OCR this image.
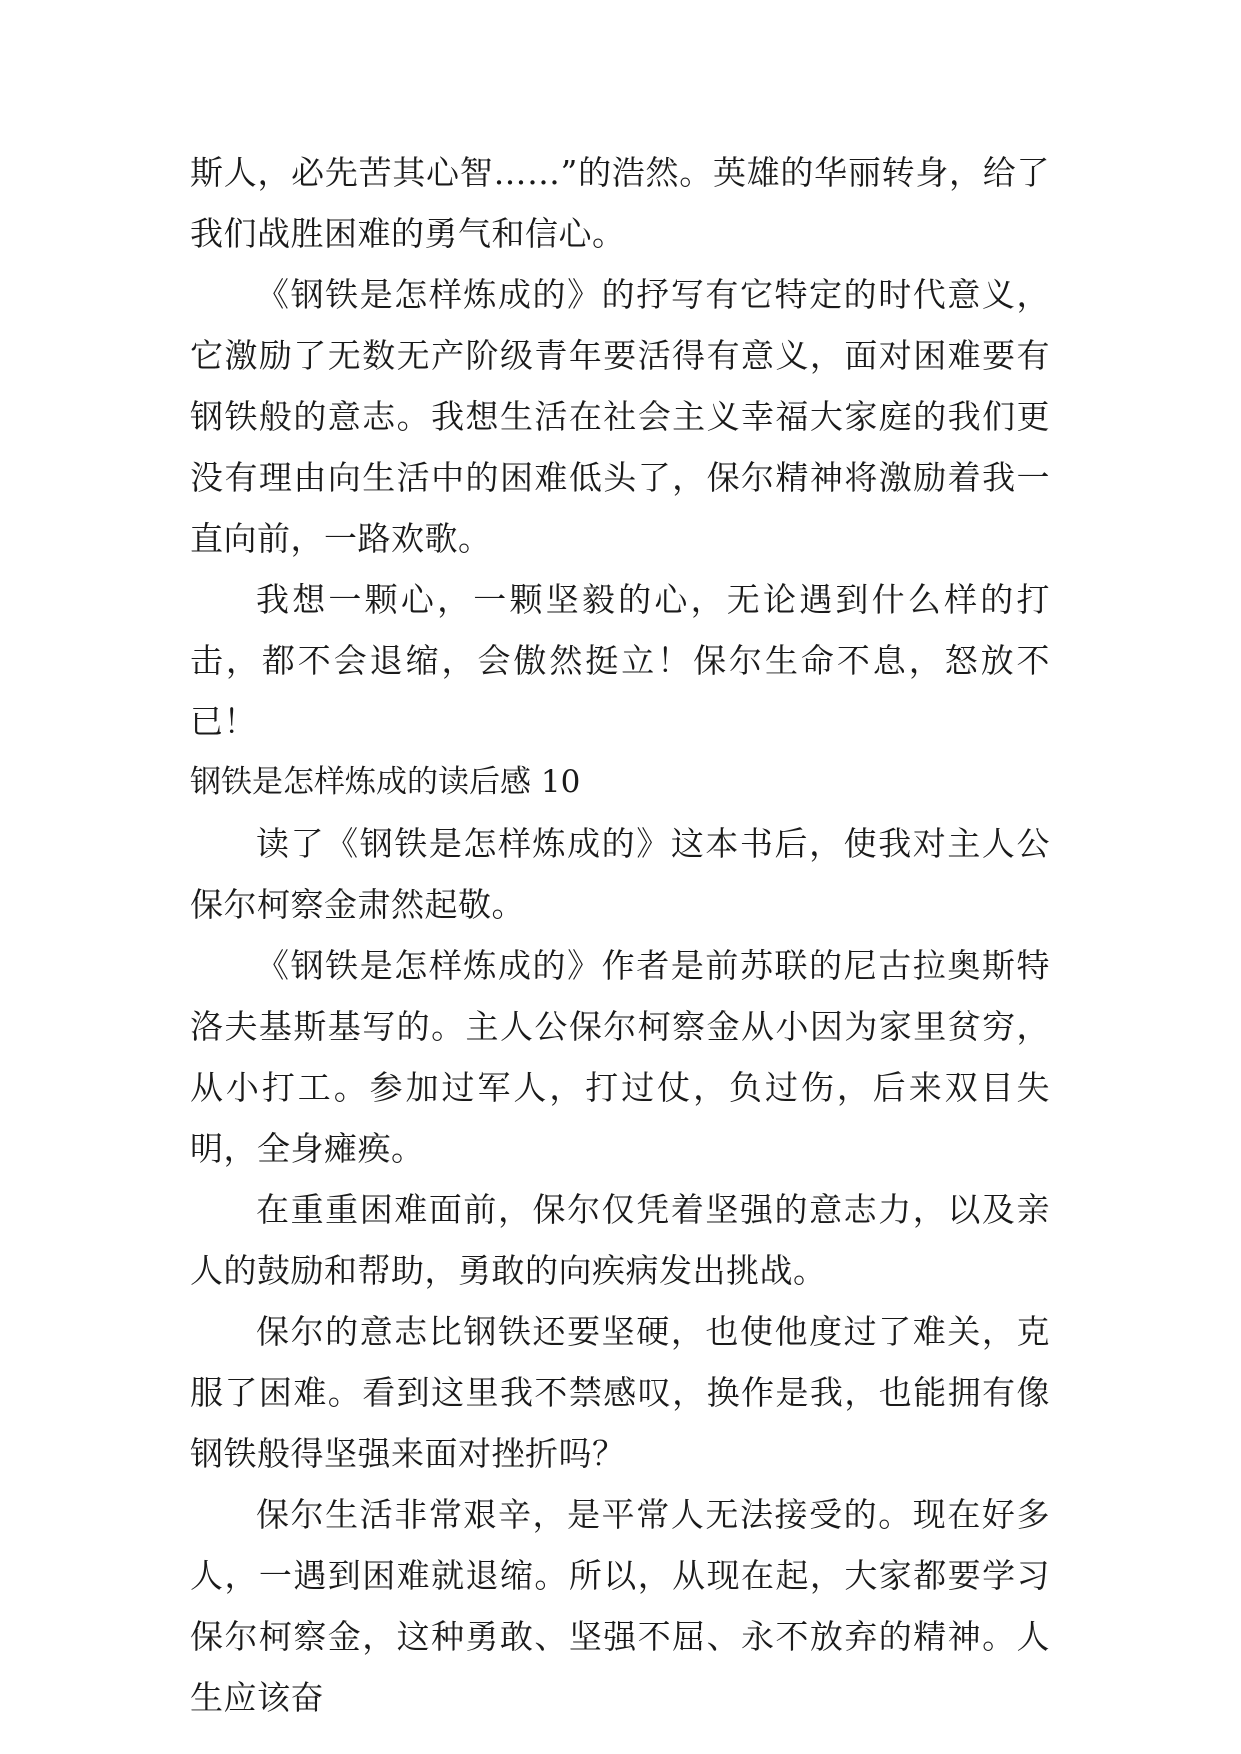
斯人，必先苦其心智……”的浩然。英雄的华丽转身，给了我们战胜困难的勇气和信心。

《钢铁是怎样炼成的》的抒写有它特定的时代意义，它激励了无数无产阶级青年要活得有意义，面对困难要有钢铁般的意志。我想生活在社会主义幸福大家庭的我们更没有理由向生活中的困难低头了，保尔精神将激励着我一直向前，一路欢歌。

我想一颗心，一颗坚毅的心，无论遇到什么样的打击，都不会退缩，会傲然挺立！保尔生命不息，怒放不已！

钢铁是怎样炼成的读后感 10

读了《钢铁是怎样炼成的》这本书后，使我对主人公保尔柯察金肃然起敬。

《钢铁是怎样炼成的》作者是前苏联的尼古拉奥斯特洛夫基斯基写的。主人公保尔柯察金从小因为家里贫穷，从小打工。参加过军人，打过仗，负过伤，后来双目失明，全身瘫痪。

在重重困难面前，保尔仅凭着坚强的意志力，以及亲人的鼓励和帮助，勇敢的向疾病发出挑战。

保尔的意志比钢铁还要坚硬，也使他度过了难关，克服了困难。看到这里我不禁感叹，换作是我，也能拥有像钢铁般得坚强来面对挫折吗？

保尔生活非常艰辛，是平常人无法接受的。现在好多人，一遇到困难就退缩。所以，从现在起，大家都要学习保尔柯察金，这种勇敢、坚强不屈、永不放弃的精神。人生应该奋
